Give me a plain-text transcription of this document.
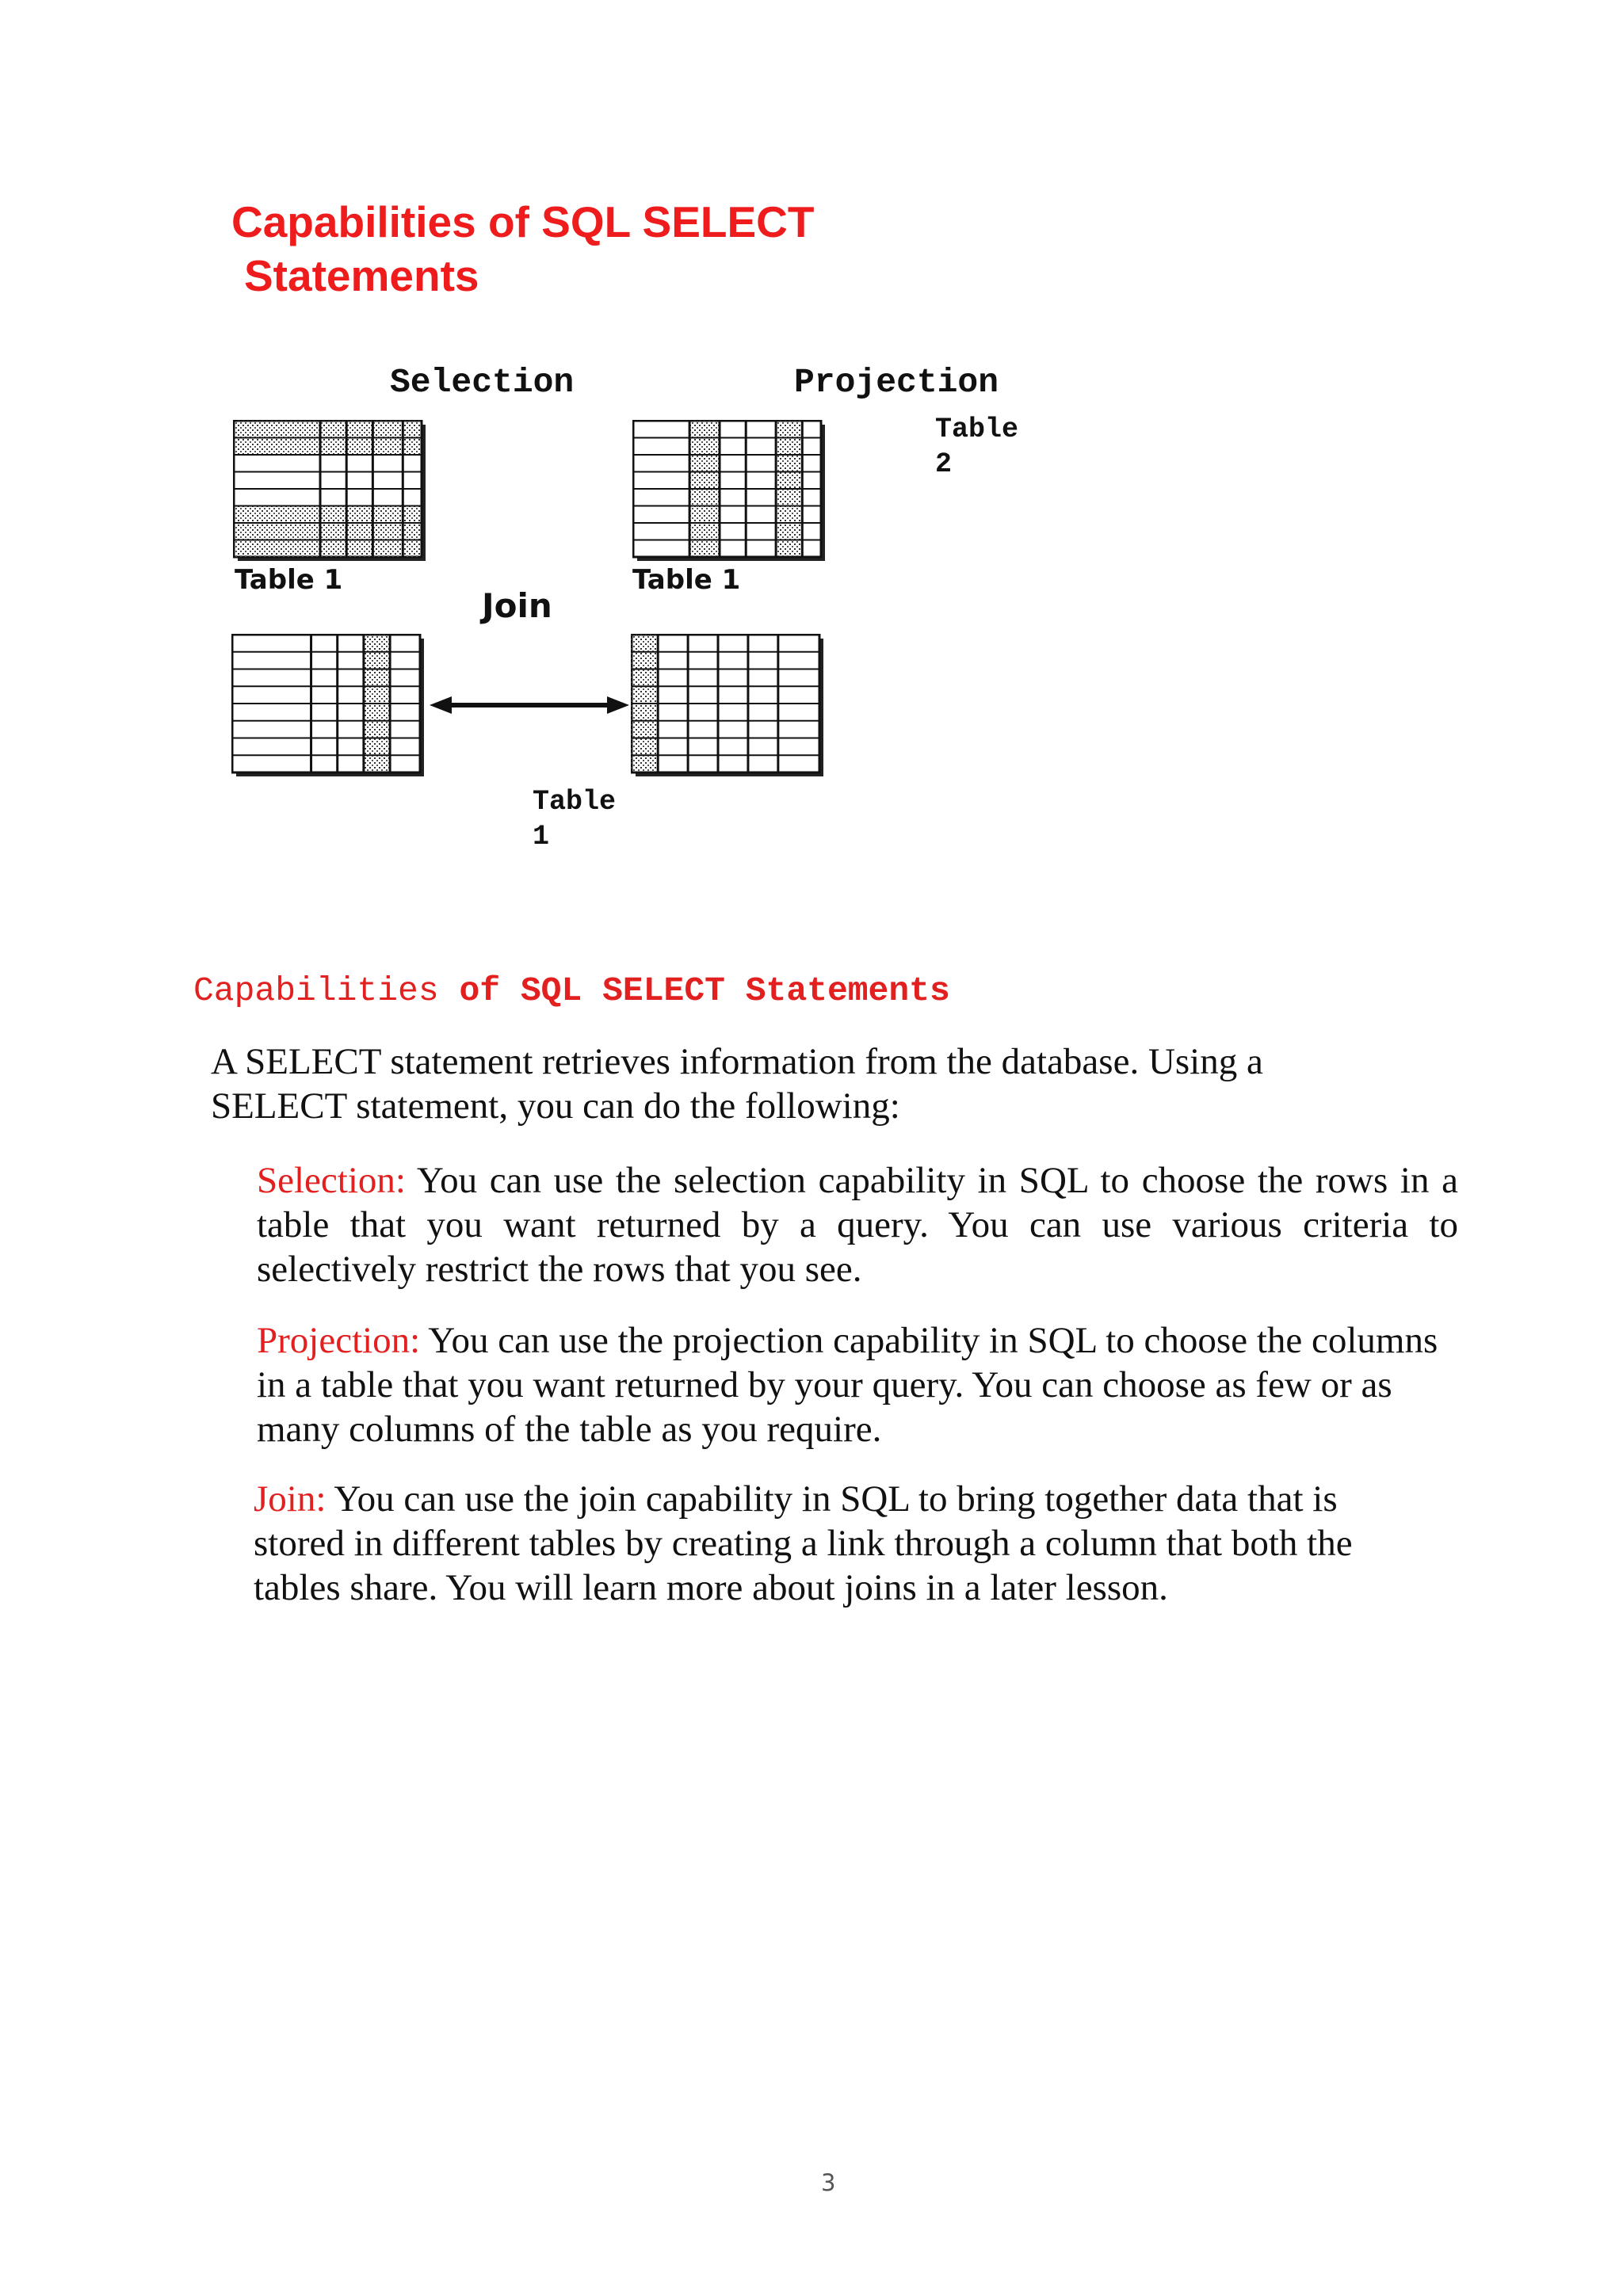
Capabilities of SQL SELECT
Statements
Selection	Projection
Table
2
Table 1	Table 1
Join
Table
1
Capabilities of SQL SELECT Statements

A SELECT statement retrieves information from the database. Using a SELECT statement, you can do the following:

Selection: You can use the selection capability in SQL to choose the rows in a table that you want returned by a query. You can use various criteria to selectively restrict the rows that you see.

Projection: You can use the projection capability in SQL to choose the columns in a table that you want returned by your query. You can choose as few or as many columns of the table as you require.

Join: You can use the join capability in SQL to bring together data that is stored in different tables by creating a link through a column that both the tables share. You will learn more about joins in a later lesson.

3
